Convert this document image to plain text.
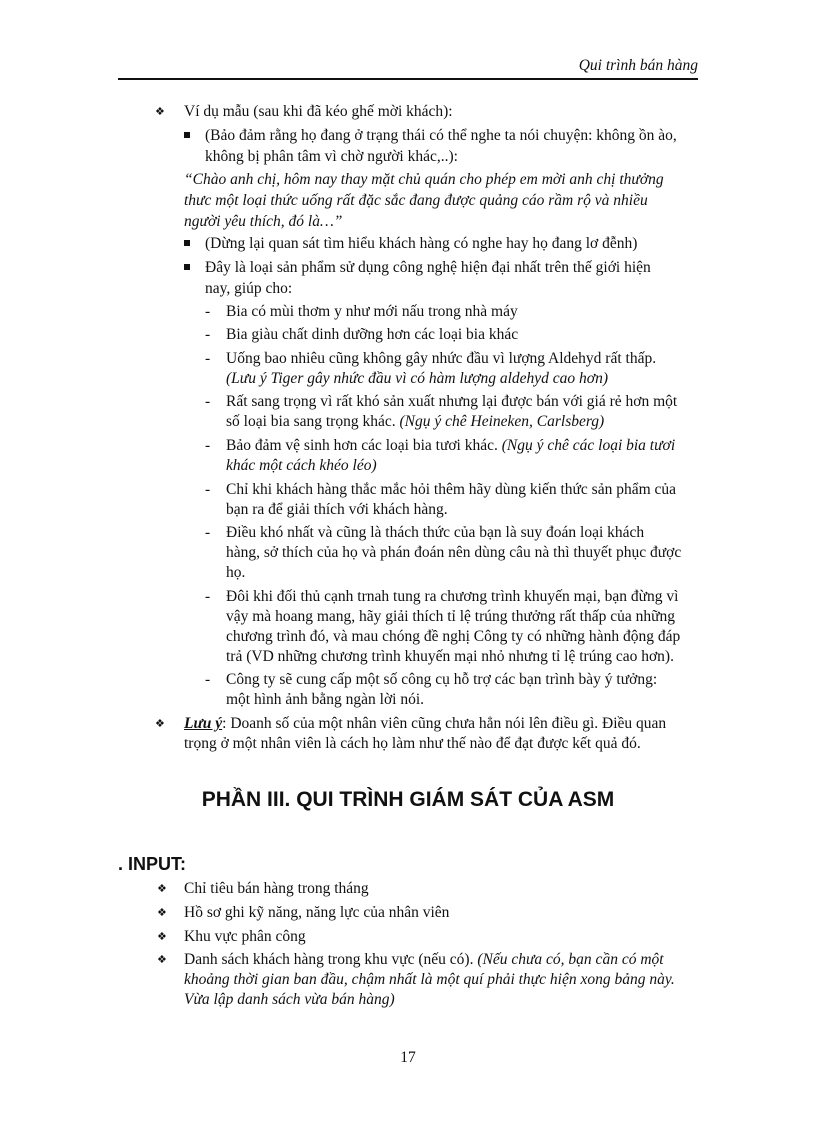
Qui trình bán hàng
❖ Ví dụ mẫu (sau khi đã kéo ghế mời khách):
(Bảo đảm rằng họ đang ở trạng thái có thể nghe ta nói chuyện: không ồn ào,
không bị phân tâm vì chờ người khác,..):
“Chào anh chị, hôm nay thay mặt chủ quán cho phép em mời anh chị thưởng
thưc một loại thức uống rất đặc sắc đang được quảng cáo rầm rộ và nhiều
người yêu thích, đó là…”
(Dừng lại quan sát tìm hiểu khách hàng có nghe hay họ đang lơ đễnh)
Đây là loại sản phẩm sử dụng công nghệ hiện đại nhất trên thế giới hiện
nay, giúp cho:
- Bia có mùi thơm y như mới nấu trong nhà máy
- Bia giàu chất dinh dưỡng hơn các loại bia khác
- Uống bao nhiêu cũng không gây nhức đầu vì lượng Aldehyd rất thấp.
(Lưu ý Tiger gây nhức đầu vì có hàm lượng aldehyd cao hơn)
- Rất sang trọng vì rất khó sản xuất nhưng lại được bán với giá rẻ hơn một
số loại bia sang trọng khác. (Ngụ ý chê Heineken, Carlsberg)
- Bảo đảm vệ sinh hơn các loại bia tươi khác. (Ngụ ý chê các loại bia tươi
khác một cách khéo léo)
- Chỉ khi khách hàng thắc mắc hỏi thêm hãy dùng kiến thức sản phẩm của
bạn ra để giải thích với khách hàng.
- Điều khó nhất và cũng là thách thức của bạn là suy đoán loại khách
hàng, sở thích của họ và phán đoán nên dùng câu nà thì thuyết phục được
họ.
- Đôi khi đối thủ cạnh trnah tung ra chương trình khuyến mại, bạn đừng vì
vậy mà hoang mang, hãy giải thích tỉ lệ trúng thưởng rất thấp của những
chương trình đó, và mau chóng đề nghị Công ty có những hành động đáp
trả (VD những chương trình khuyến mại nhỏ nhưng tỉ lệ trúng cao hơn).
- Công ty sẽ cung cấp một số công cụ hỗ trợ các bạn trình bày ý tưởng:
một hình ảnh bằng ngàn lời nói.
❖ Lưu ý: Doanh số của một nhân viên cũng chưa hẳn nói lên điều gì. Điều quan
trọng ở một nhân viên là cách họ làm như thế nào để đạt được kết quả đó.
PHẦN III. QUI TRÌNH GIÁM SÁT CỦA ASM
. INPUT:
❖ Chỉ tiêu bán hàng trong tháng
❖ Hồ sơ ghi kỹ năng, năng lực của nhân viên
❖ Khu vực phân công
❖ Danh sách khách hàng trong khu vực (nếu có). (Nếu chưa có, bạn cần có một
khoảng thời gian ban đầu, chậm nhất là một quí phải thực hiện xong bảng này.
Vừa lập danh sách vừa bán hàng)
17
